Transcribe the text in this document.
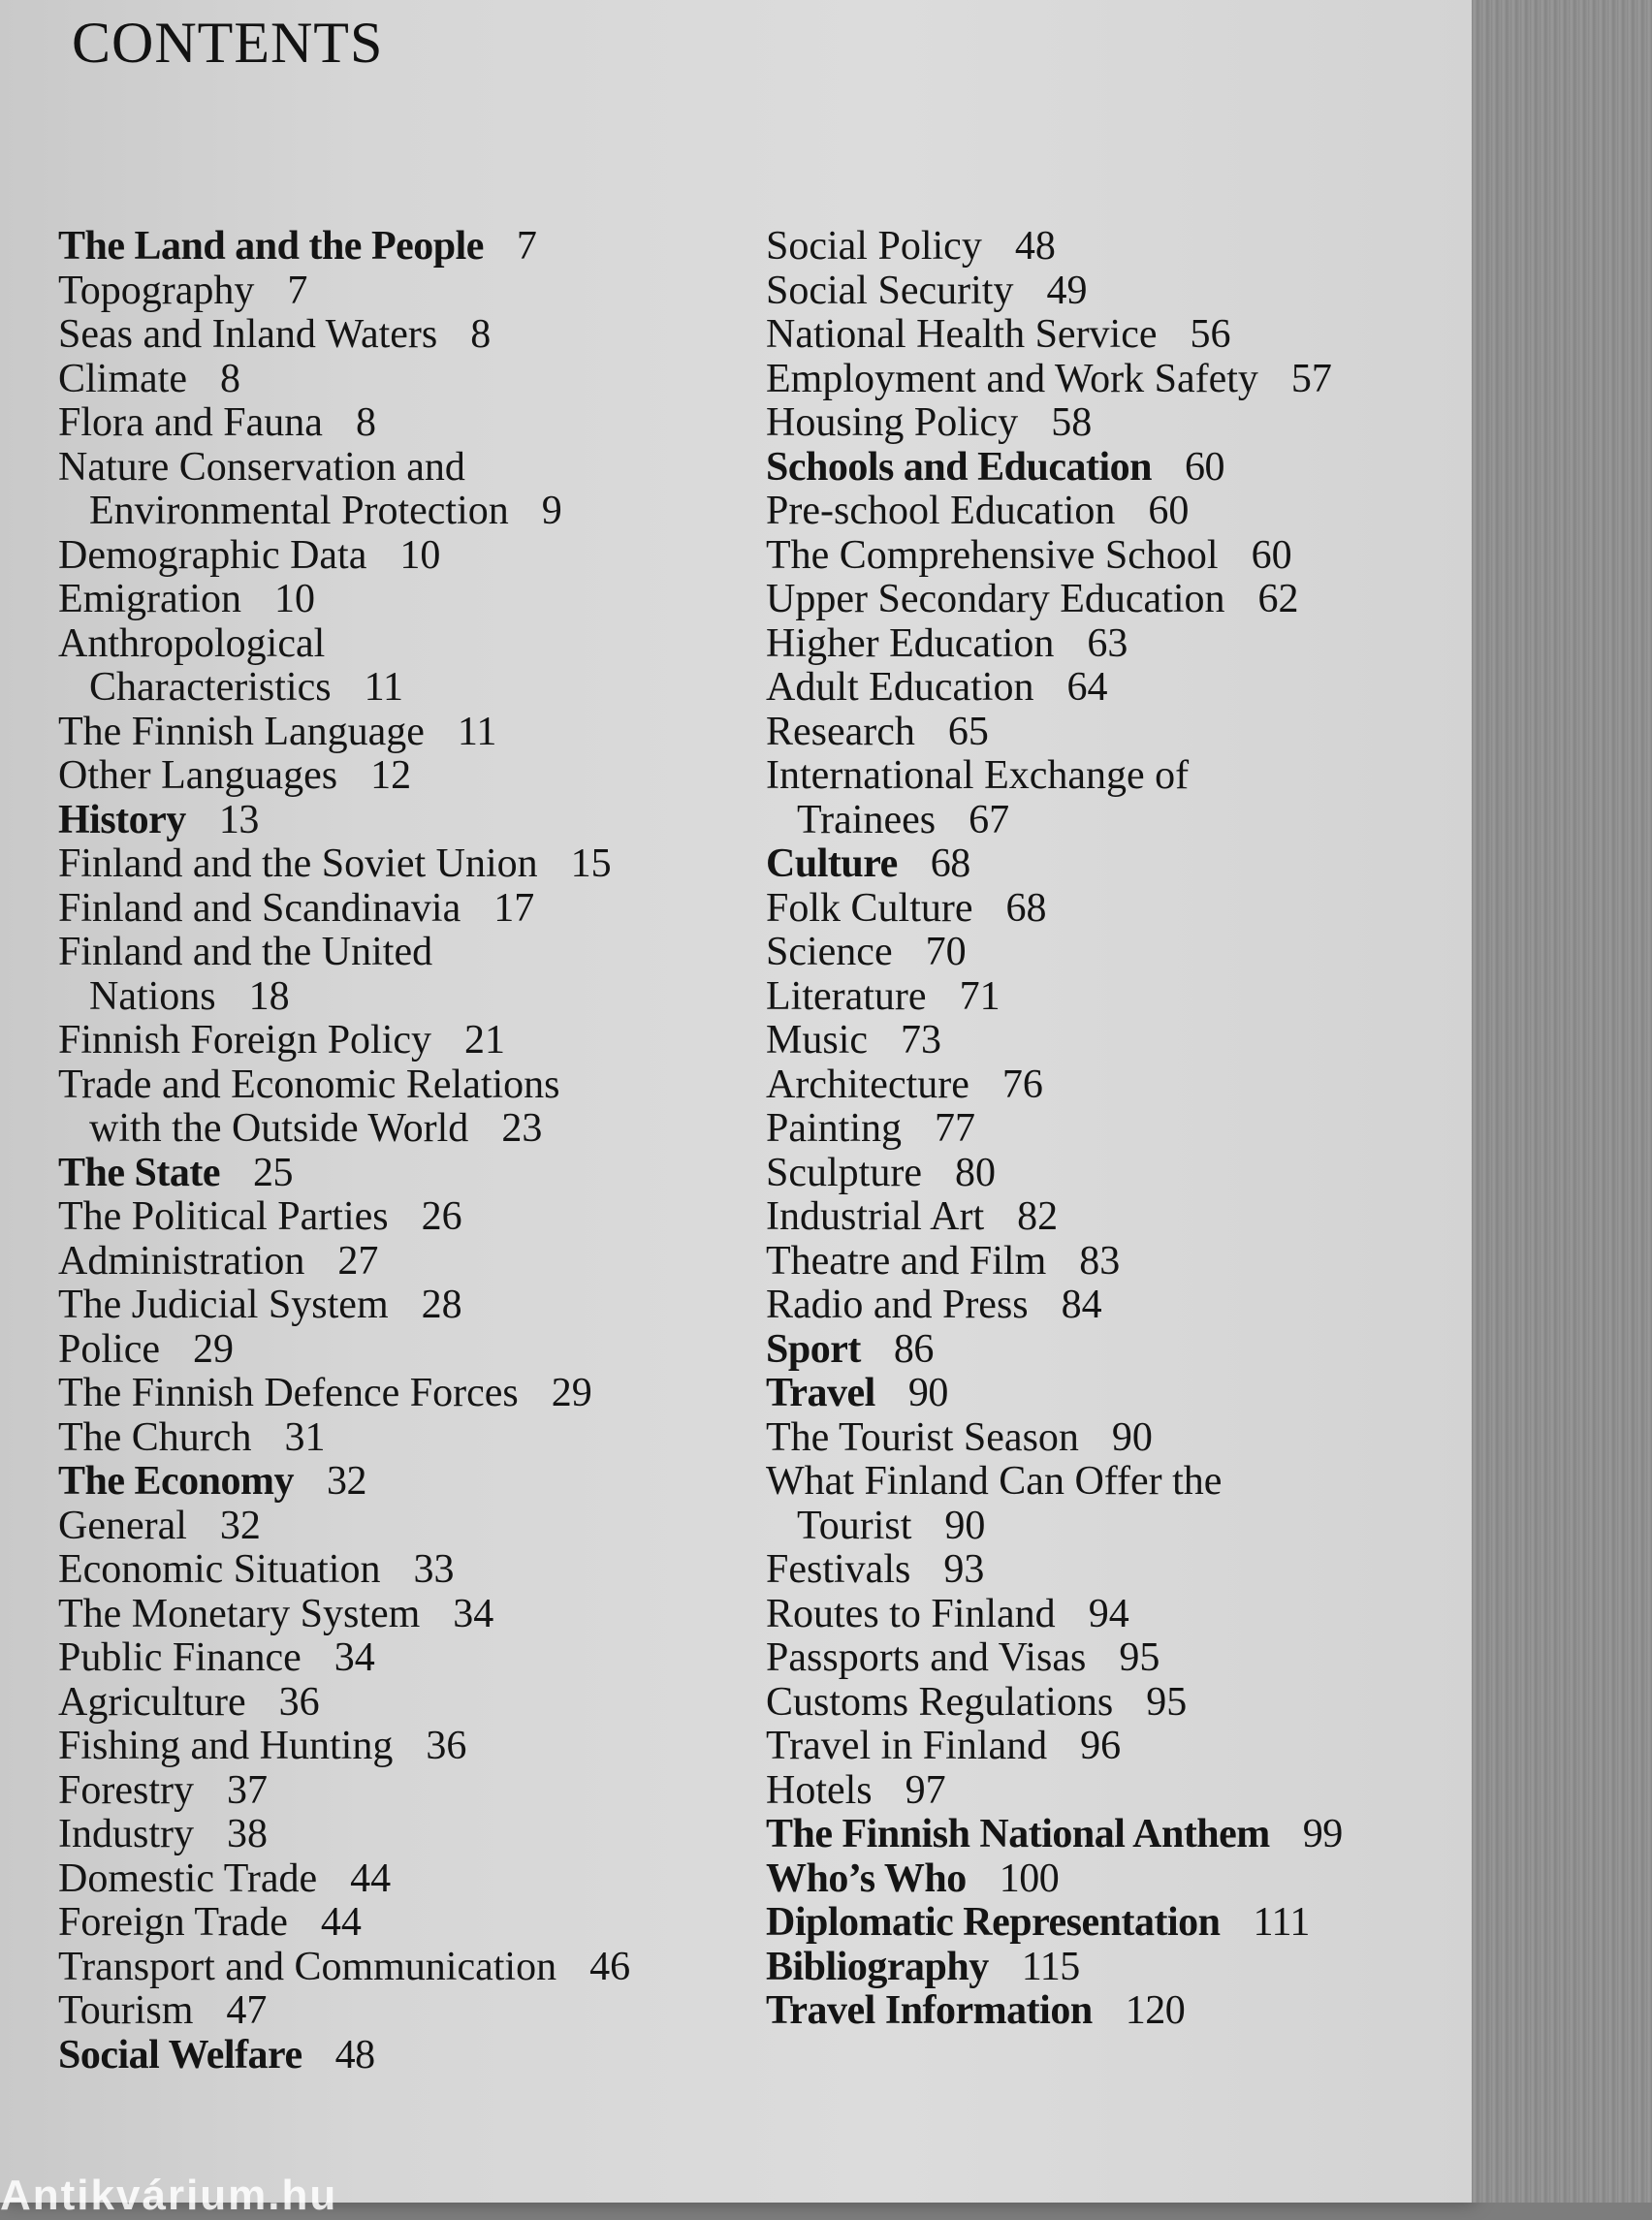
CONTENTS
The Land and the People 7
Topography 7
Seas and Inland Waters 8
Climate 8
Flora and Fauna 8
Nature Conservation and
Environmental Protection 9
Demographic Data 10
Emigration 10
Anthropological
Characteristics 11
The Finnish Language 11
Other Languages 12
History 13
Finland and the Soviet Union 15
Finland and Scandinavia 17
Finland and the United
Nations 18
Finnish Foreign Policy 21
Trade and Economic Relations
with the Outside World 23
The State 25
The Political Parties 26
Administration 27
The Judicial System 28
Police 29
The Finnish Defence Forces 29
The Church 31
The Economy 32
General 32
Economic Situation 33
The Monetary System 34
Public Finance 34
Agriculture 36
Fishing and Hunting 36
Forestry 37
Industry 38
Domestic Trade 44
Foreign Trade 44
Transport and Communication 46
Tourism 47
Social Welfare 48
Social Policy 48
Social Security 49
National Health Service 56
Employment and Work Safety 57
Housing Policy 58
Schools and Education 60
Pre-school Education 60
The Comprehensive School 60
Upper Secondary Education 62
Higher Education 63
Adult Education 64
Research 65
International Exchange of
Trainees 67
Culture 68
Folk Culture 68
Science 70
Literature 71
Music 73
Architecture 76
Painting 77
Sculpture 80
Industrial Art 82
Theatre and Film 83
Radio and Press 84
Sport 86
Travel 90
The Tourist Season 90
What Finland Can Offer the
Tourist 90
Festivals 93
Routes to Finland 94
Passports and Visas 95
Customs Regulations 95
Travel in Finland 96
Hotels 97
The Finnish National Anthem 99
Who’s Who 100
Diplomatic Representation 111
Bibliography 115
Travel Information 120
Antikvárium.hu
